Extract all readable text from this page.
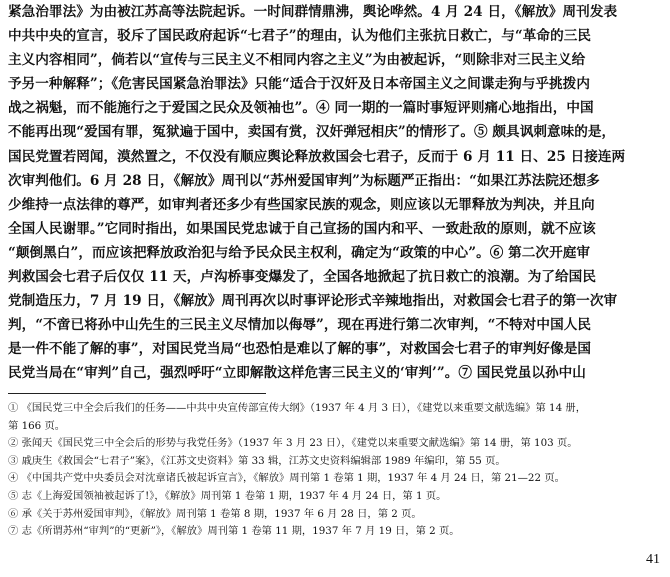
紧急治罪法》为由被江苏高等法院起诉。一时间群情鼎沸，舆论哗然。4 月 24 日，《解放》周刊发表
中共中央的宣言，驳斥了国民政府起诉“七君子”的理由，认为他们主张抗日救亡，与“革命的三民
主义内容相同”，倘若以“宣传与三民主义不相同内容之主义”为由被起诉，“则除非对三民主义给
予另一种解释”；《危害民国紧急治罪法》只能“适合于汉奸及日本帝国主义之间谍走狗与乎挑拨内
战之祸魁，而不能施行之于爱国之民众及领袖也”。④ 同一期的一篇时事短评则痛心地指出，中国
不能再出现“爱国有罪，冤狱遍于国中，卖国有赏，汉奸弹冠相庆”的情形了。⑤ 颇具讽刺意味的是，
国民党置若罔闻，漠然置之，不仅没有顺应舆论释放救国会七君子，反而于 6 月 11 日、25 日接连两
次审判他们。6 月 28 日，《解放》周刊以“苏州爱国审判”为标题严正指出：“如果江苏法院还想多
少维持一点法律的尊严，如审判者还多少有些国家民族的观念，则应该以无罪释放为判决，并且向
全国人民谢罪。”它同时指出，如果国民党忠诚于自己宣扬的国内和平、一致赴敌的原则，就不应该
“颠倒黑白”，而应该把释放政治犯与给予民众民主权利，确定为“政策的中心”。⑥ 第二次开庭审
判救国会七君子后仅仅 11 天，卢沟桥事变爆发了，全国各地掀起了抗日救亡的浪潮。为了给国民
党制造压力，7 月 19 日，《解放》周刊再次以时事评论形式辛辣地指出，对救国会七君子的第一次审
判，“不啻已将孙中山先生的三民主义尽情加以侮辱”，现在再进行第二次审判，“不特对中国人民
是一件不能了解的事”，对国民党当局“也恐怕是难以了解的事”，对救国会七君子的审判好像是国
民党当局在“审判”自己，强烈呼吁“立即解散这样危害三民主义的‘审判’”。⑦ 国民党虽以孙中山
① 《国民党三中全会后我们的任务——中共中央宣传部宣传大纲》（1937 年 4 月 3 日），《建党以来重要文献选编》第 14 册，
第 166 页。
② 张闻天《国民党三中全会后的形势与我党任务》（1937 年 3 月 23 日），《建党以来重要文献选编》第 14 册，第 103 页。
③ 戚庚生《救国会“七君子”案》，《江苏文史资料》第 33 辑，江苏文史资料编辑部 1989 年编印，第 55 页。
④ 《中国共产党中央委员会对沈章诸氏被起诉宣言》，《解放》周刊第 1 卷第 1 期，1937 年 4 月 24 日，第 21—22 页。
⑤ 志《上海爱国领袖被起诉了!》，《解放》周刊第 1 卷第 1 期，1937 年 4 月 24 日，第 1 页。
⑥ 承《关于苏州爱国审判》，《解放》周刊第 1 卷第 8 期，1937 年 6 月 28 日，第 2 页。
⑦ 志《所谓苏州“审判”的“更新”》，《解放》周刊第 1 卷第 11 期，1937 年 7 月 19 日，第 2 页。
41
